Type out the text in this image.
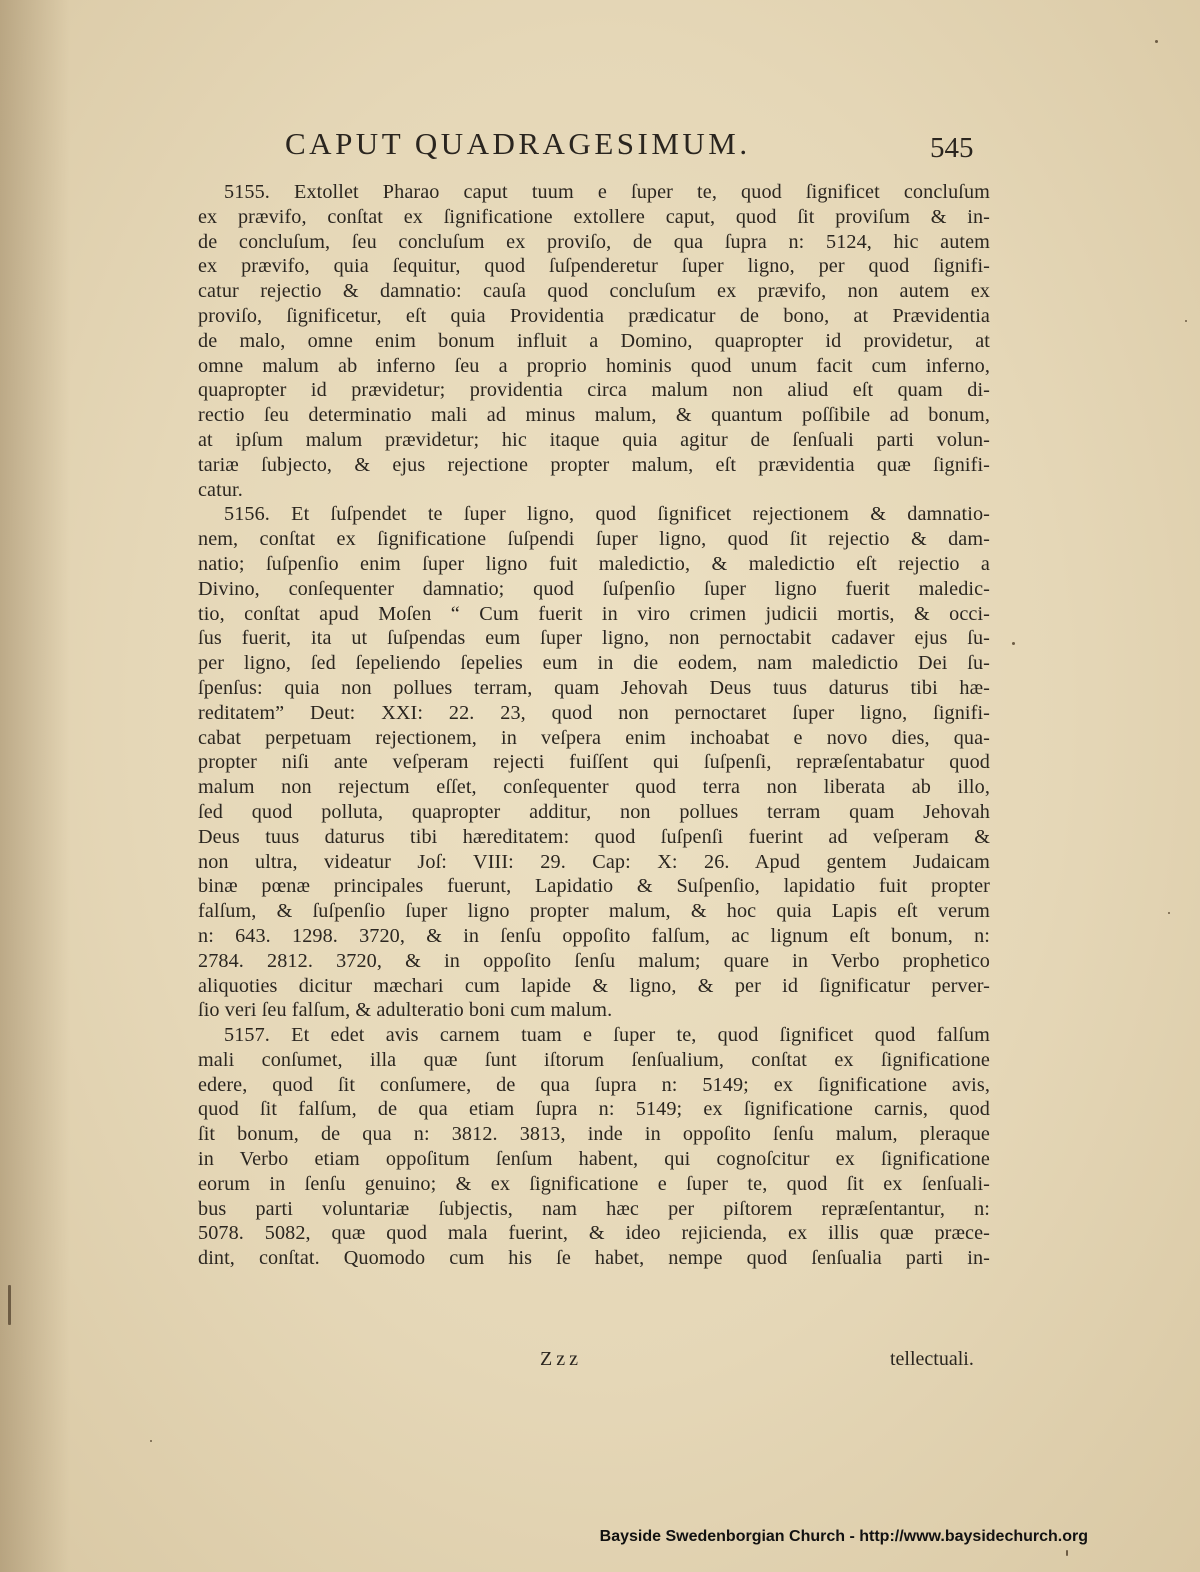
CAPUT QUADRAGESIMUM.	545
5155. Extollet Pharao caput tuum e ſuper te, quod ſignificet concluſum
ex prævifo, conſtat ex ſignificatione extollere caput, quod ſit proviſum & in-
de concluſum, ſeu concluſum ex proviſo, de qua ſupra n: 5124, hic autem
ex prævifo, quia ſequitur, quod ſuſpenderetur ſuper ligno, per quod ſignifi-
catur rejectio & damnatio: cauſa quod concluſum ex prævifo, non autem ex
proviſo, ſignificetur, eſt quia Providentia prædicatur de bono, at Prævidentia
de malo, omne enim bonum influit a Domino, quapropter id providetur, at
omne malum ab inferno ſeu a proprio hominis quod unum facit cum inferno,
quapropter id prævidetur; providentia circa malum non aliud eſt quam di-
rectio ſeu determinatio mali ad minus malum, & quantum poſſibile ad bonum,
at ipſum malum prævidetur; hic itaque quia agitur de ſenſuali parti volun-
tariæ ſubjecto, & ejus rejectione propter malum, eſt prævidentia quæ ſignifi-
catur.
5156. Et ſuſpendet te ſuper ligno, quod ſignificet rejectionem & damnatio-
nem, conſtat ex ſignificatione ſuſpendi ſuper ligno, quod ſit rejectio & dam-
natio; ſuſpenſio enim ſuper ligno fuit maledictio, & maledictio eſt rejectio a
Divino, conſequenter damnatio; quod ſuſpenſio ſuper ligno fuerit maledic-
tio, conſtat apud Moſen “ Cum fuerit in viro crimen judicii mortis, & occi-
ſus fuerit, ita ut ſuſpendas eum ſuper ligno, non pernoctabit cadaver ejus ſu-
per ligno, ſed ſepeliendo ſepelies eum in die eodem, nam maledictio Dei ſu-
ſpenſus: quia non pollues terram, quam Jehovah Deus tuus daturus tibi hæ-
reditatem” Deut: XXI: 22. 23, quod non pernoctaret ſuper ligno, ſignifi-
cabat perpetuam rejectionem, in veſpera enim inchoabat e novo dies, qua-
propter niſi ante veſperam rejecti fuiſſent qui ſuſpenſi, repræſentabatur quod
malum non rejectum eſſet, conſequenter quod terra non liberata ab illo,
ſed quod polluta, quapropter additur, non pollues terram quam Jehovah
Deus tuus daturus tibi hæreditatem: quod ſuſpenſi fuerint ad veſperam &
non ultra, videatur Joſ: VIII: 29. Cap: X: 26. Apud gentem Judaicam
binæ pœnæ principales fuerunt, Lapidatio & Suſpenſio, lapidatio fuit propter
falſum, & ſuſpenſio ſuper ligno propter malum, & hoc quia Lapis eſt verum
n: 643. 1298. 3720, & in ſenſu oppoſito falſum, ac lignum eſt bonum, n:
2784. 2812. 3720, & in oppoſito ſenſu malum; quare in Verbo prophetico
aliquoties dicitur mæchari cum lapide & ligno, & per id ſignificatur perver-
ſio veri ſeu falſum, & adulteratio boni cum malum.
5157. Et edet avis carnem tuam e ſuper te, quod ſignificet quod falſum
mali conſumet, illa quæ ſunt iſtorum ſenſualium, conſtat ex ſignificatione
edere, quod ſit conſumere, de qua ſupra n: 5149; ex ſignificatione avis,
quod ſit falſum, de qua etiam ſupra n: 5149; ex ſignificatione carnis, quod
ſit bonum, de qua n: 3812. 3813, inde in oppoſito ſenſu malum, pleraque
in Verbo etiam oppoſitum ſenſum habent, qui cognoſcitur ex ſignificatione
eorum in ſenſu genuino; & ex ſignificatione e ſuper te, quod ſit ex ſenſuali-
bus parti voluntariæ ſubjectis, nam hæc per piſtorem repræſentantur, n:
5078. 5082, quæ quod mala fuerint, & ideo rejicienda, ex illis quæ præce-
dint, conſtat. Quomodo cum his ſe habet, nempe quod ſenſualia parti in-
Zzz	tellectuali.
Bayside Swedenborgian Church - http://www.baysidechurch.org
